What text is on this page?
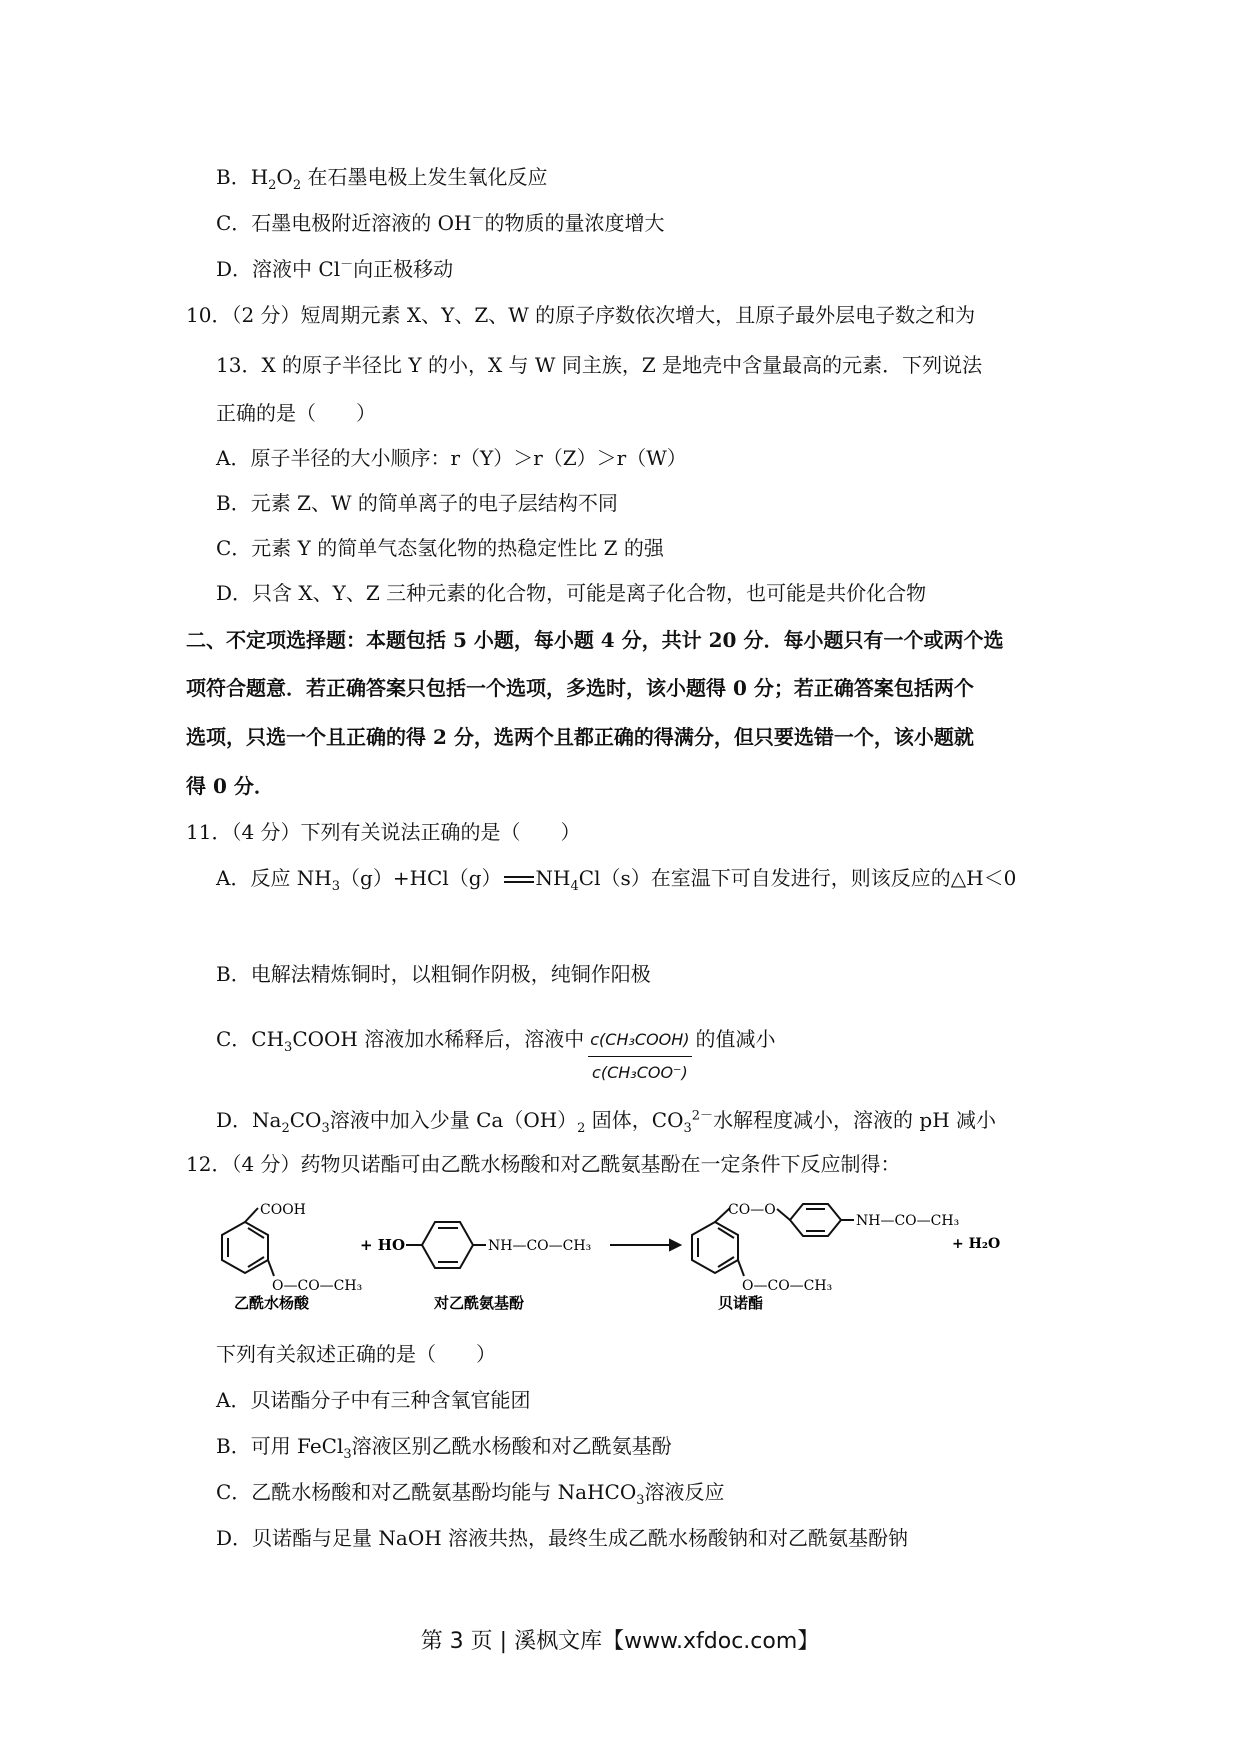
B．$H_2O_2$ 在石墨电极上发生氧化反应
C．石墨电极附近溶液的 OH－的物质的量浓度增大
D．溶液中 Cl－向正极移动
10．（2 分）短周期元素 X、Y、Z、W 的原子序数依次增大，且原子最外层电子数之和为
13．X 的原子半径比 Y 的小，X 与 W 同主族，Z 是地壳中含量最高的元素．下列说法
正确的是（　　）
A．原子半径的大小顺序：r（Y）＞r（Z）＞r（W）
B．元素 Z、W 的简单离子的电子层结构不同
C．元素 Y 的简单气态氢化物的热稳定性比 Z 的强
D．只含 X、Y、Z 三种元素的化合物，可能是离子化合物，也可能是共价化合物
二、不定项选择题：本题包括 5 小题，每小题 4 分，共计 20 分．每小题只有一个或两个选
项符合题意．若正确答案只包括一个选项，多选时，该小题得 0 分；若正确答案包括两个
选项，只选一个且正确的得 2 分，选两个且都正确的得满分，但只要选错一个，该小题就
得 0 分．
11．（4 分）下列有关说法正确的是（　　）
A．反应 $NH_3(g)+HCl(g)$ $NH_4Cl(s)$在室温下可自发进行，则该反应的△H＜0
B．电解法精炼铜时，以粗铜作阴极，纯铜作阳极
C．$CH_3COOH$ 溶液加水稀释后，溶液中 $\frac{\text{c(CH₃COOH)}}{\text{c(CH₃COO⁻)}}$ 的值减小
D．$Na_2CO_3$溶液中加入少量 $Ca(OH)_2$ 固体，$CO_3^{2-}$水解程度减小，溶液的 pH 减小
12．（4 分）药物贝诺酯可由乙酰水杨酸和对乙酰氨基酚在一定条件下反应制得：
COOH
O—CO—CH₃
+ HO	NH—CO—CH₃
CO—O
NH—CO—CH₃
+ H₂O
O—CO—CH₃
乙酰水杨酸	对乙酰氨基酚	贝诺酯
下列有关叙述正确的是（　　）
A．贝诺酯分子中有三种含氧官能团
B．可用 FeCl$_3$溶液区别乙酰水杨酸和对乙酰氨基酚
C．乙酰水杨酸和对乙酰氨基酚均能与 NaHCO$_3$溶液反应
D．贝诺酯与足量 NaOH 溶液共热，最终生成乙酰水杨酸钠和对乙酰氨基酚钠
第 3 页 | 溪枫文库【www.xfdoc.com】
